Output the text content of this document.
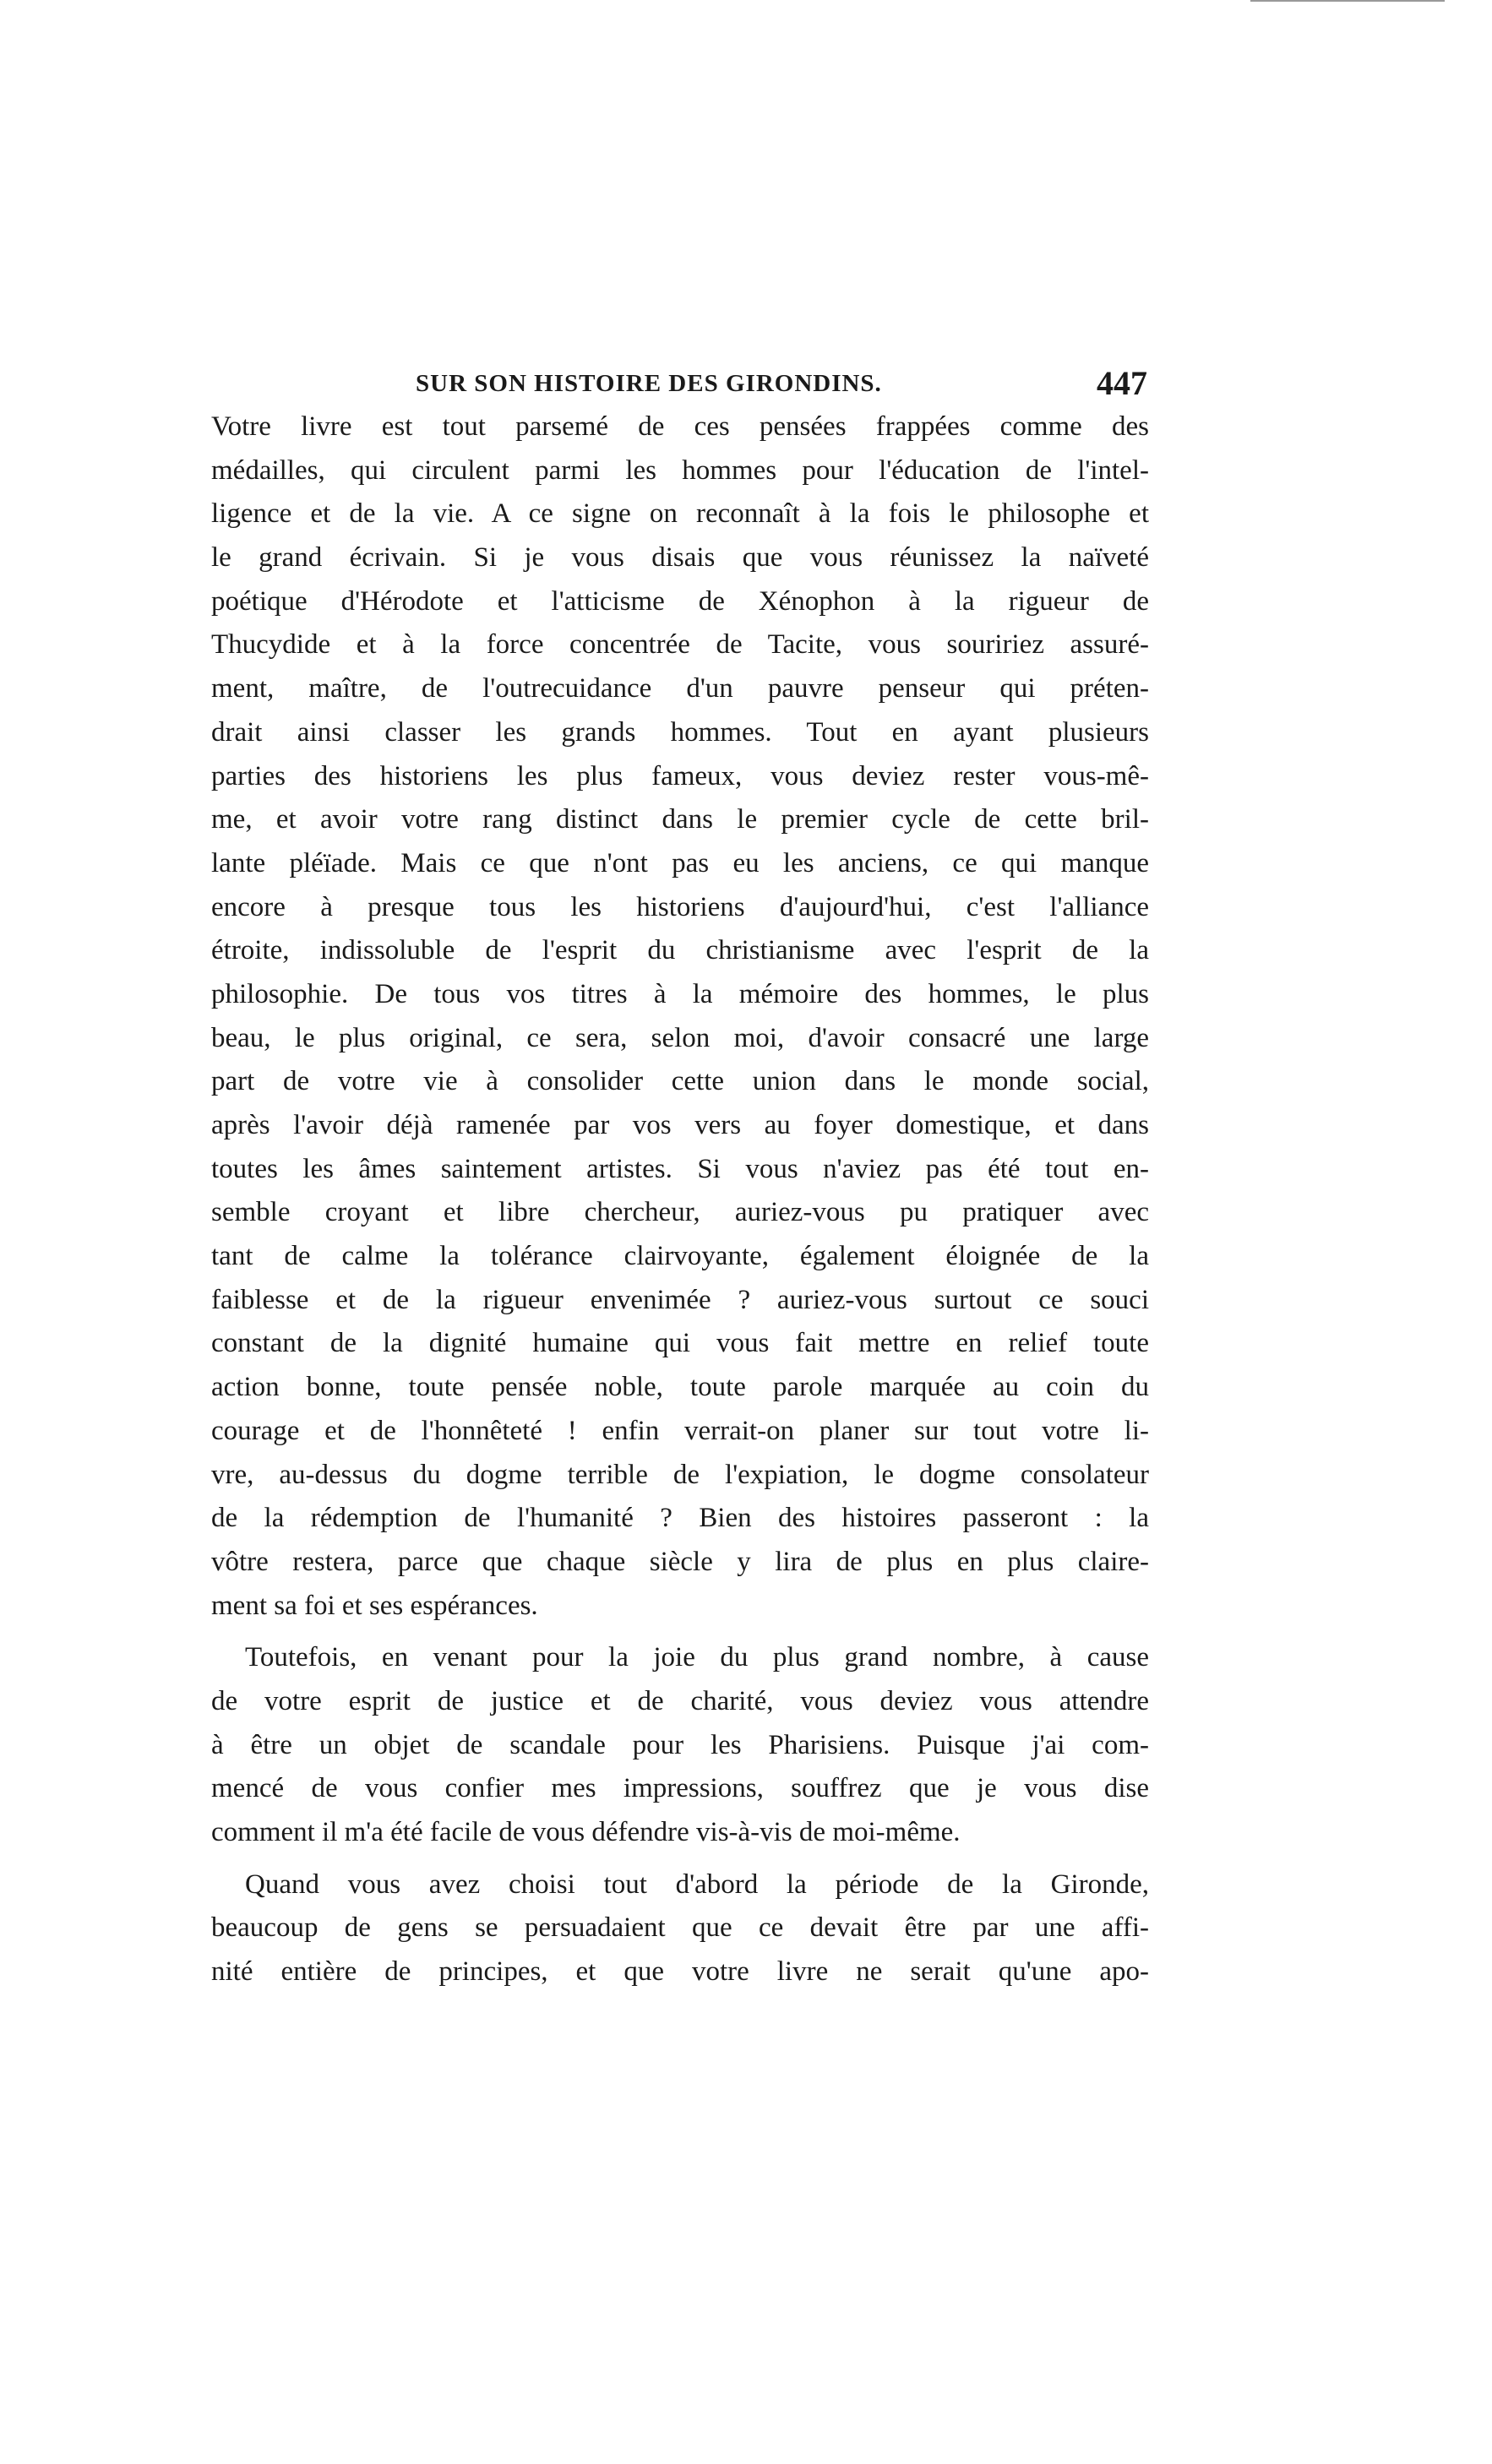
SUR SON HISTOIRE DES GIRONDINS.	447
Votre livre est tout parsemé de ces pensées frappées comme des
médailles, qui circulent parmi les hommes pour l'éducation de l'intel-
ligence et de la vie. A ce signe on reconnaît à la fois le philosophe et
le grand écrivain. Si je vous disais que vous réunissez la naïveté
poétique d'Hérodote et l'atticisme de Xénophon à la rigueur de
Thucydide et à la force concentrée de Tacite, vous souririez assuré-
ment, maître, de l'outrecuidance d'un pauvre penseur qui préten-
drait ainsi classer les grands hommes. Tout en ayant plusieurs
parties des historiens les plus fameux, vous deviez rester vous-mê-
me, et avoir votre rang distinct dans le premier cycle de cette bril-
lante pléïade. Mais ce que n'ont pas eu les anciens, ce qui manque
encore à presque tous les historiens d'aujourd'hui, c'est l'alliance
étroite, indissoluble de l'esprit du christianisme avec l'esprit de la
philosophie. De tous vos titres à la mémoire des hommes, le plus
beau, le plus original, ce sera, selon moi, d'avoir consacré une large
part de votre vie à consolider cette union dans le monde social,
après l'avoir déjà ramenée par vos vers au foyer domestique, et dans
toutes les âmes saintement artistes. Si vous n'aviez pas été tout en-
semble croyant et libre chercheur, auriez-vous pu pratiquer avec
tant de calme la tolérance clairvoyante, également éloignée de la
faiblesse et de la rigueur envenimée ? auriez-vous surtout ce souci
constant de la dignité humaine qui vous fait mettre en relief toute
action bonne, toute pensée noble, toute parole marquée au coin du
courage et de l'honnêteté ! enfin verrait-on planer sur tout votre li-
vre, au-dessus du dogme terrible de l'expiation, le dogme consolateur
de la rédemption de l'humanité ? Bien des histoires passeront : la
vôtre restera, parce que chaque siècle y lira de plus en plus claire-
ment sa foi et ses espérances.
Toutefois, en venant pour la joie du plus grand nombre, à cause
de votre esprit de justice et de charité, vous deviez vous attendre
à être un objet de scandale pour les Pharisiens. Puisque j'ai com-
mencé de vous confier mes impressions, souffrez que je vous dise
comment il m'a été facile de vous défendre vis-à-vis de moi-même.
Quand vous avez choisi tout d'abord la période de la Gironde,
beaucoup de gens se persuadaient que ce devait être par une affi-
nité entière de principes, et que votre livre ne serait qu'une apo-
